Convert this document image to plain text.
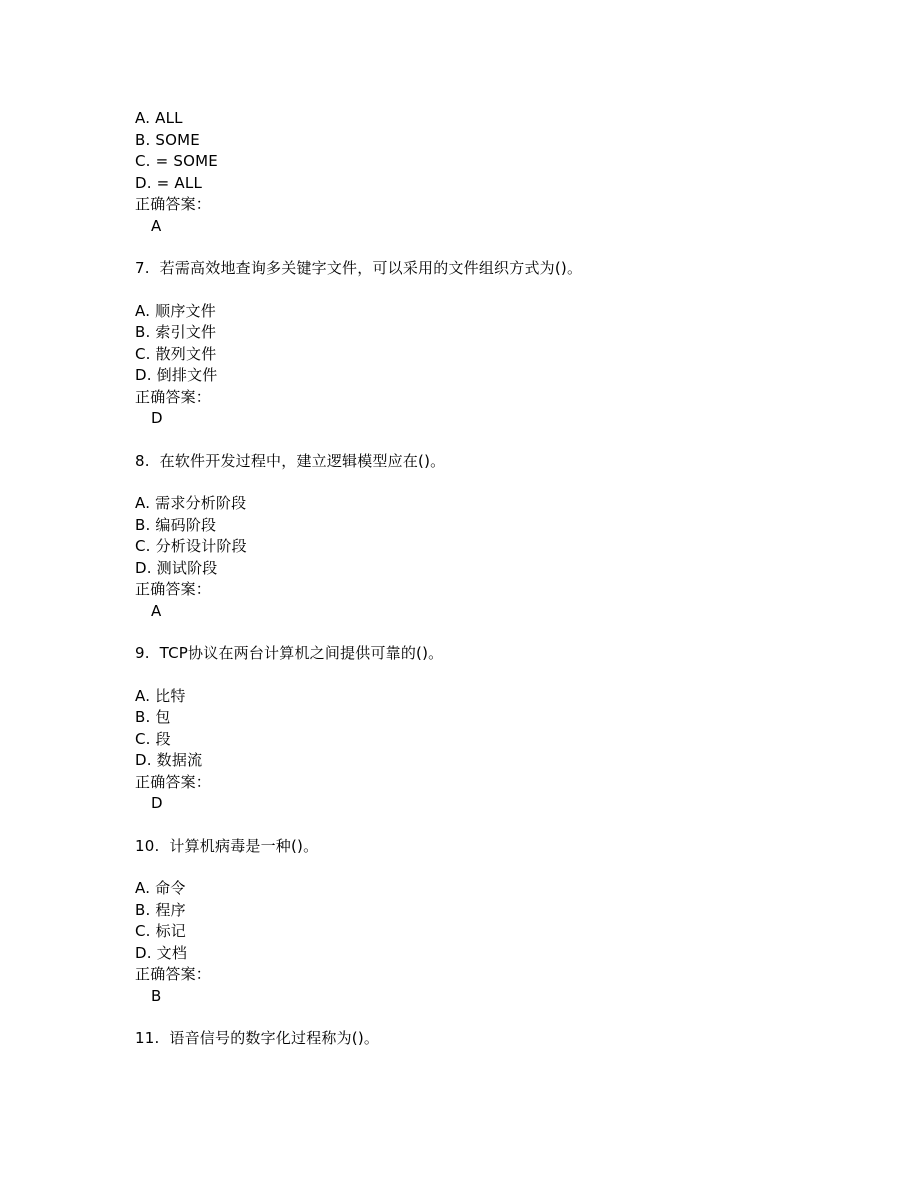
A. ALL
B. SOME
C. = SOME
D. = ALL
正确答案：
A
7.  若需高效地查询多关键字文件，可以采用的文件组织方式为()。
A. 顺序文件
B. 索引文件
C. 散列文件
D. 倒排文件
正确答案：
D
8.  在软件开发过程中，建立逻辑模型应在()。
A. 需求分析阶段
B. 编码阶段
C. 分析设计阶段
D. 测试阶段
正确答案：
A
9.  TCP协议在两台计算机之间提供可靠的()。
A. 比特
B. 包
C. 段
D. 数据流
正确答案：
D
10.  计算机病毒是一种()。
A. 命令
B. 程序
C. 标记
D. 文档
正确答案：
B
11.  语音信号的数字化过程称为()。
